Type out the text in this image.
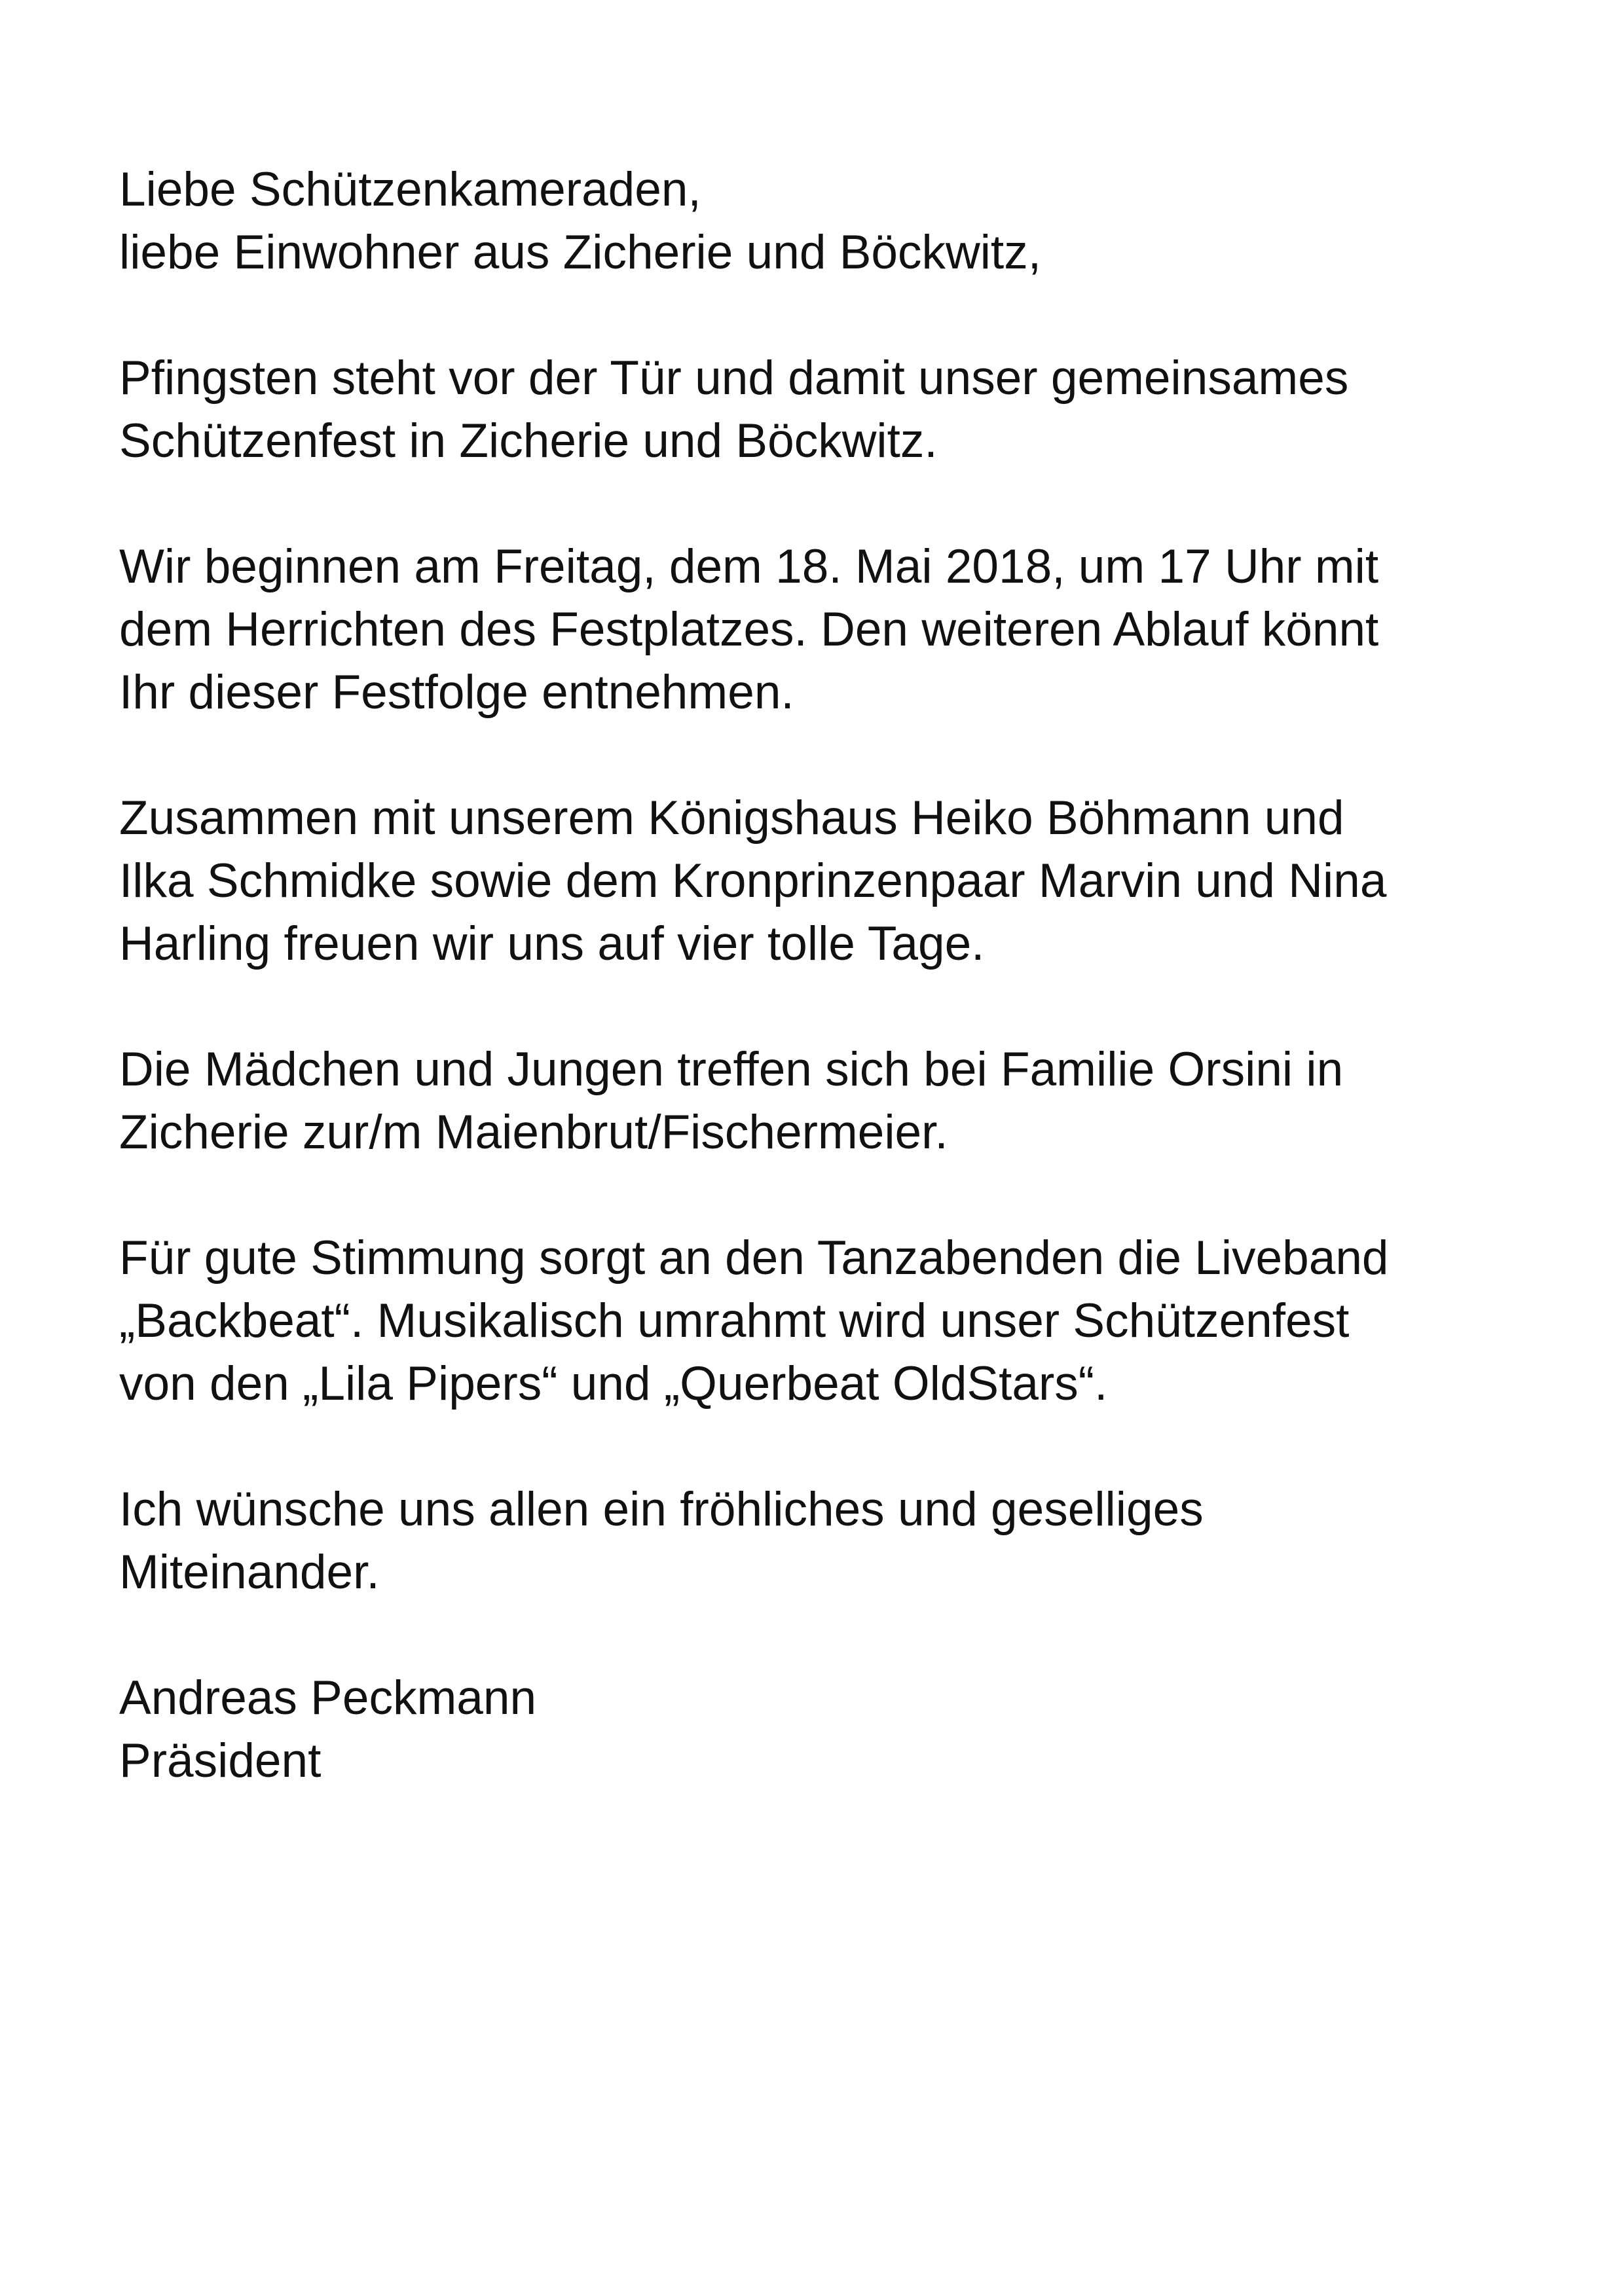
Liebe Schützenkameraden,
liebe Einwohner aus Zicherie und Böckwitz,
Pfingsten steht vor der Tür und damit unser gemeinsames
Schützenfest in Zicherie und Böckwitz.
Wir beginnen am Freitag, dem 18. Mai 2018, um 17 Uhr mit
dem Herrichten des Festplatzes. Den weiteren Ablauf könnt
Ihr dieser Festfolge entnehmen.
Zusammen mit unserem Königshaus Heiko Böhmann und
Ilka Schmidke sowie dem Kronprinzenpaar Marvin und Nina
Harling freuen wir uns auf vier tolle Tage.
Die Mädchen und Jungen treffen sich bei Familie Orsini in
Zicherie zur/m Maienbrut/Fischermeier.
Für gute Stimmung sorgt an den Tanzabenden die Liveband
„Backbeat“. Musikalisch umrahmt wird unser Schützenfest
von den „Lila Pipers“ und „Querbeat OldStars“.
Ich wünsche uns allen ein fröhliches und geselliges
Miteinander.
Andreas Peckmann
Präsident
